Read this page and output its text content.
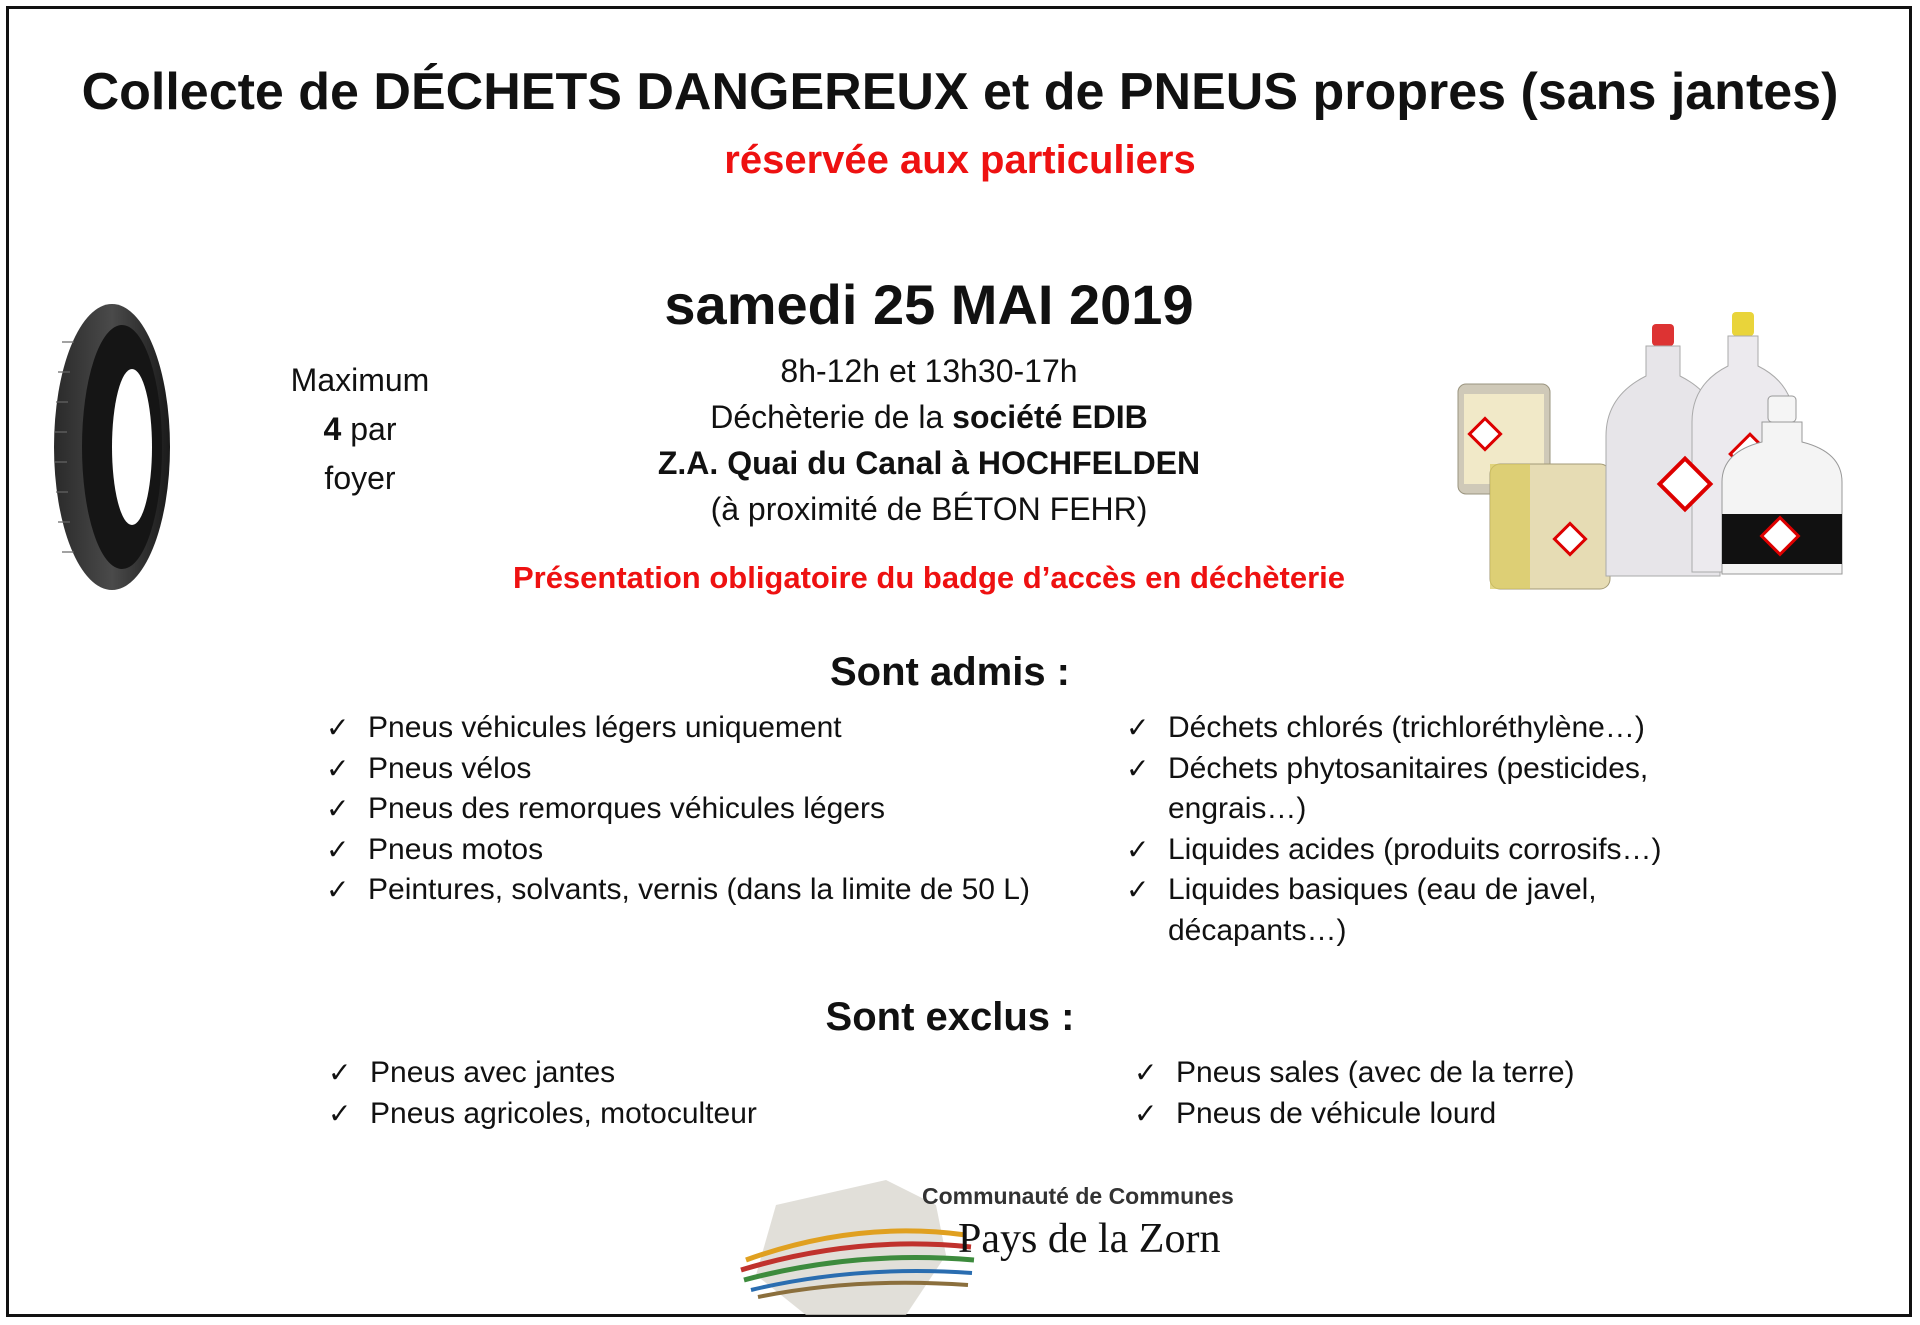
Collecte de DÉCHETS DANGEREUX et de PNEUS propres (sans jantes)
réservée aux particuliers
Maximum
4 par
foyer
samedi 25 MAI 2019
8h-12h et 13h30-17h
Déchèterie de la société EDIB
Z.A. Quai du Canal à HOCHFELDEN
(à proximité de BÉTON FEHR)
Présentation obligatoire du badge d’accès en déchèterie
Sont admis :
✓ Pneus véhicules légers uniquement
✓ Pneus vélos
✓ Pneus des remorques véhicules légers
✓ Pneus motos
✓ Peintures, solvants, vernis (dans la limite de 50 L)
✓ Déchets chlorés (trichloréthylène…)
✓ Déchets phytosanitaires (pesticides, engrais…)
✓ Liquides acides (produits corrosifs…)
✓ Liquides basiques (eau de javel, décapants…)
Sont exclus :
✓ Pneus avec jantes
✓ Pneus agricoles, motoculteur
✓ Pneus sales (avec de la terre)
✓ Pneus de véhicule lourd
Communauté de Communes
Pays de la Zorn
